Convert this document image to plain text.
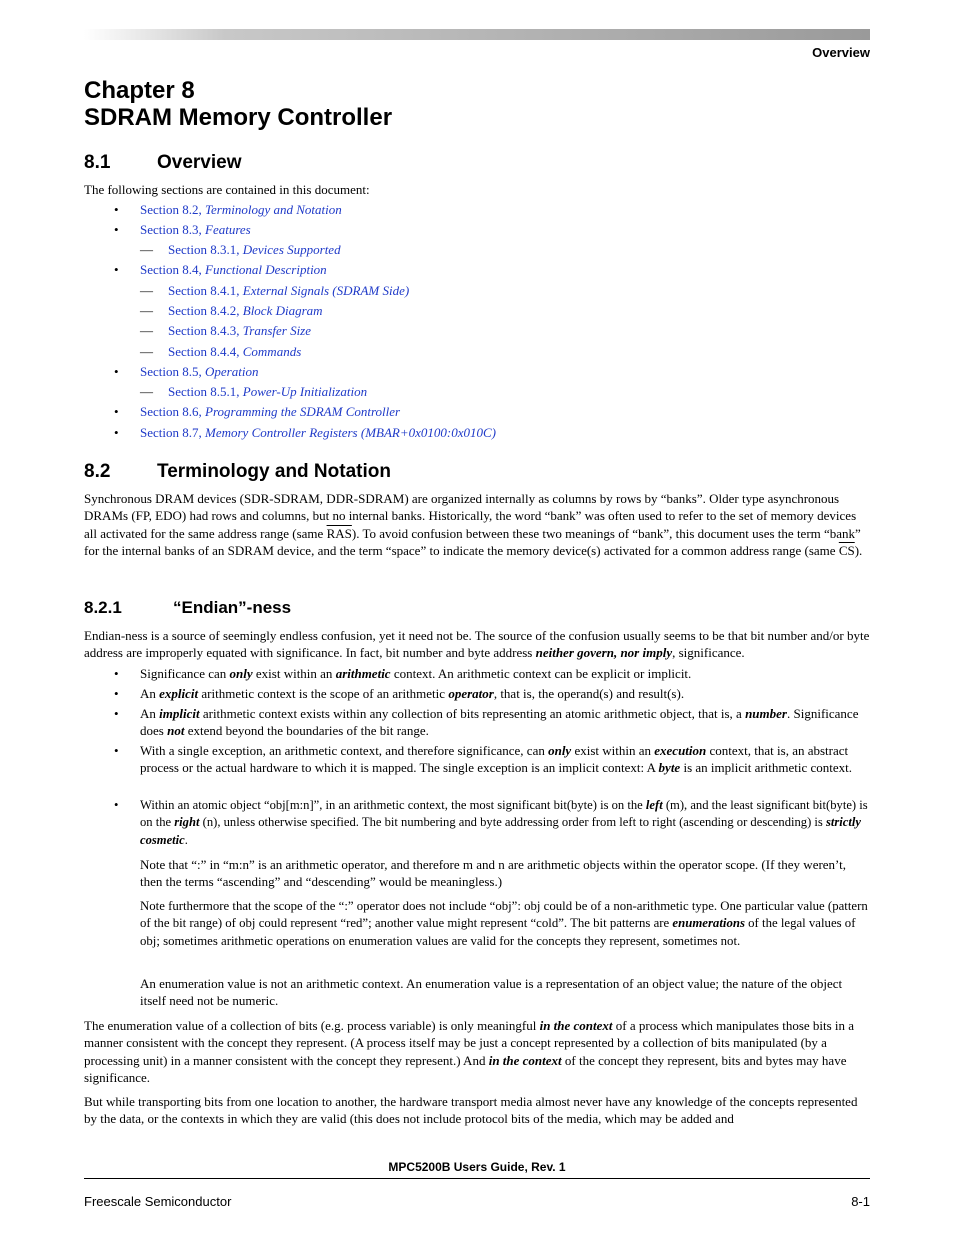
Overview
Chapter 8
SDRAM Memory Controller
8.1 Overview

The following sections are contained in this document:

• Section 8.2, Terminology and Notation
• Section 8.3, Features
— Section 8.3.1, Devices Supported
• Section 8.4, Functional Description
— Section 8.4.1, External Signals (SDRAM Side)
— Section 8.4.2, Block Diagram
— Section 8.4.3, Transfer Size
— Section 8.4.4, Commands
• Section 8.5, Operation
— Section 8.5.1, Power-Up Initialization
• Section 8.6, Programming the SDRAM Controller
• Section 8.7, Memory Controller Registers (MBAR+0x0100:0x010C)
8.2 Terminology and Notation

Synchronous DRAM devices (SDR-SDRAM, DDR-SDRAM) are organized internally as columns by rows by “banks”. Older type asynchronous DRAMs (FP, EDO) had rows and columns, but no internal banks. Historically, the word “bank” was often used to refer to the set of memory devices all activated for the same address range (same $\overline{RAS}$). To avoid confusion between these two meanings of “bank”, this document uses the term “bank” for the internal banks of an SDRAM device, and the term “space” to indicate the memory device(s) activated for a common address range (same $\overline{CS}$).

8.2.1	“Endian”-ness

Endian-ness is a source of seemingly endless confusion, yet it need not be. The source of the confusion usually seems to be that bit number and/or byte address are improperly equated with significance. In fact, bit number and byte address neither govern, nor imply, significance.

• Significance can only exist within an arithmetic context. An arithmetic context can be explicit or implicit.
• An explicit arithmetic context is the scope of an arithmetic operator, that is, the operand(s) and result(s).
• An implicit arithmetic context exists within any collection of bits representing an atomic arithmetic object, that is, a number. Significance does not extend beyond the boundaries of the bit range.
• With a single exception, an arithmetic context, and therefore significance, can only exist within an execution context, that is, an abstract process or the actual hardware to which it is mapped. The single exception is an implicit context: A byte is an implicit arithmetic context.
• Within an atomic object “obj[m:n]”, in an arithmetic context, the most significant bit(byte) is on the left (m), and the least significant bit(byte) is on the right (n), unless otherwise specified. The bit numbering and byte addressing order from left to right (ascending or descending) is strictly cosmetic.

Note that “:” in “m:n” is an arithmetic operator, and therefore m and n are arithmetic objects within the operator scope. (If they weren’t, then the terms “ascending” and “descending” would be meaningless.)

Note furthermore that the scope of the “:” operator does not include “obj”: obj could be of a non-arithmetic type. One particular value (pattern of the bit range) of obj could represent “red”; another value might represent “cold”. The bit patterns are enumerations of the legal values of obj; sometimes arithmetic operations on enumeration values are valid for the concepts they represent, sometimes not.

An enumeration value is not an arithmetic context. An enumeration value is a representation of an object value; the nature of the object itself need not be numeric.

The enumeration value of a collection of bits (e.g. process variable) is only meaningful in the context of a process which manipulates those bits in a manner consistent with the concept they represent. (A process itself may be just a concept represented by a collection of bits manipulated (by a processing unit) in a manner consistent with the concept they represent.) And in the context of the concept they represent, bits and bytes may have significance.

But while transporting bits from one location to another, the hardware transport media almost never have any knowledge of the concepts represented by the data, or the contexts in which they are valid (this does not include protocol bits of the media, which may be added and

MPC5200B Users Guide, Rev. 1
Freescale Semiconductor	8-1
